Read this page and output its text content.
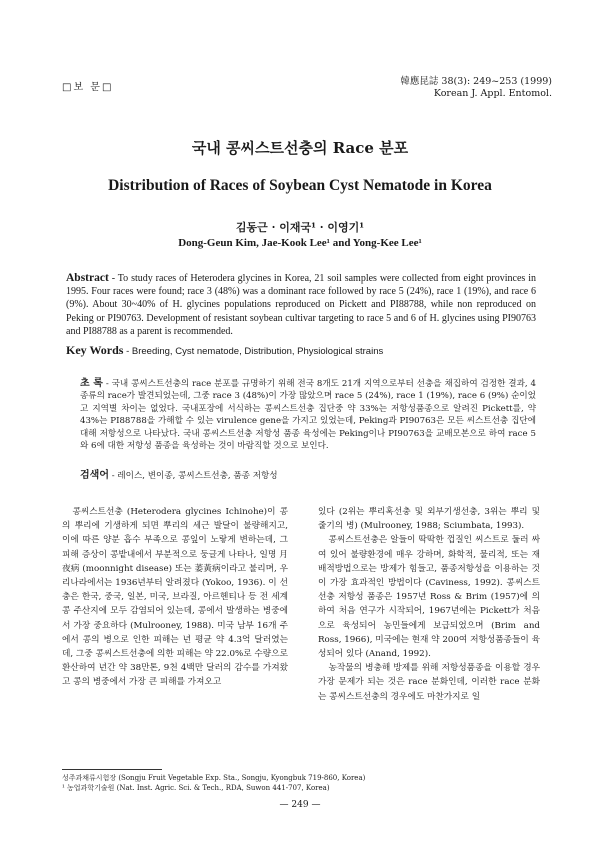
□보 문□
韓應昆誌 38(3): 249~253 (1999)
Korean J. Appl. Entomol.
국내 콩씨스트선충의 Race 분포
Distribution of Races of Soybean Cyst Nematode in Korea
김동근 · 이재국¹ · 이영기¹
Dong-Geun Kim, Jae-Kook Lee¹ and Yong-Kee Lee¹
Abstract - To study races of Heterodera glycines in Korea, 21 soil samples were collected from eight provinces in 1995. Four races were found; race 3 (48%) was a dominant race followed by race 5 (24%), race 1 (19%), and race 6 (9%). About 30~40% of H. glycines populations reproduced on Pickett and PI88788, while non reproduced on Peking or PI90763. Development of resistant soybean cultivar targeting to race 5 and 6 of H. glycines using PI90763 and PI88788 as a parent is recommended.
Key Words - Breeding, Cyst nematode, Distribution, Physiological strains
초 록 - 국내 콩씨스트선충의 race 분포를 규명하기 위해 전국 8개도 21개 지역으로부터 선충을 채집하여 검정한 결과, 4종류의 race가 발견되었는데, 그중 race 3 (48%)이 가장 많았으며 race 5 (24%), race 1 (19%), race 6 (9%) 순이었고 지역별 차이는 없었다. 국내포장에 서식하는 콩씨스트선충 집단중 약 33%는 저항성품종으로 알려진 Pickett를, 약 43%는 PI88788을 가해할 수 있는 virulence gene을 가지고 있었는데, Peking과 PI90763은 모든 씨스트선충 집단에 대해 저항성으로 나타났다. 국내 콩씨스트선충 저항성 품종 육성에는 Peking이나 PI90763을 교배모본으로 하여 race 5와 6에 대한 저항성 품종을 육성하는 것이 바람직할 것으로 보인다.
검색어 - 레이스, 변이종, 콩씨스트선충, 품종 저항성

콩씨스트선충 (Heterodera glycines Ichinohe)이 콩의 뿌리에 기생하게 되면 뿌리의 세근 발달이 불량해지고, 이에 따른 양분 흡수 부족으로 콩잎이 노랗게 변하는데, 그 피해 증상이 콩밭내에서 부분적으로 둥글게 나타나, 일명 月夜病 (moonnight disease) 또는 萎黃病이라고 불리며, 우리나라에서는 1936년부터 알려졌다 (Yokoo, 1936). 이 선충은 한국, 중국, 일본, 미국, 브라질, 아르헨티나 등 전 세계 콩 주산지에 모두 감염되어 있는데, 콩에서 발생하는 병중에서 가장 중요하다 (Mulrooney, 1988). 미국 남부 16개 주에서 콩의 병으로 인한 피해는 년 평균 약 4.3억 달러였는데, 그중 콩씨스트선충에 의한 피해는 약 22.0%로 수량으로 환산하여 년간 약 38만톤, 9천 4백만 달러의 감수를 가져왔고 콩의 병중에서 가장 큰 피해를 가져오고

있다 (2위는 뿌리혹선충 및 외부기생선충, 3위는 뿌리 및 줄기의 병) (Mulrooney, 1988; Sciumbata, 1993).

콩씨스트선충은 알들이 딱딱한 껍질인 씨스트로 둘러 싸여 있어 불량환경에 매우 강하며, 화학적, 물리적, 또는 재배적방법으로는 방제가 힘들고, 품종저항성을 이용하는 것이 가장 효과적인 방법이다 (Caviness, 1992). 콩씨스트선충 저항성 품종은 1957년 Ross & Brim (1957)에 의하여 처음 연구가 시작되어, 1967년에는 Pickett가 처음으로 육성되어 농민들에게 보급되었으며 (Brim and Ross, 1966), 미국에는 현재 약 200여 저항성품종들이 육성되어 있다 (Anand, 1992).

농작물의 병충해 방제를 위해 저항성품종을 이용할 경우 가장 문제가 되는 것은 race 분화인데, 이러한 race 분화는 콩씨스트선충의 경우에도 마찬가지로 일

성주과채류시험장 (Songju Fruit Vegetable Exp. Sta., Songju, Kyongbuk 719-860, Korea)
¹ 농업과학기술원 (Nat. Inst. Agric. Sci. & Tech., RDA, Suwon 441-707, Korea)
— 249 —
